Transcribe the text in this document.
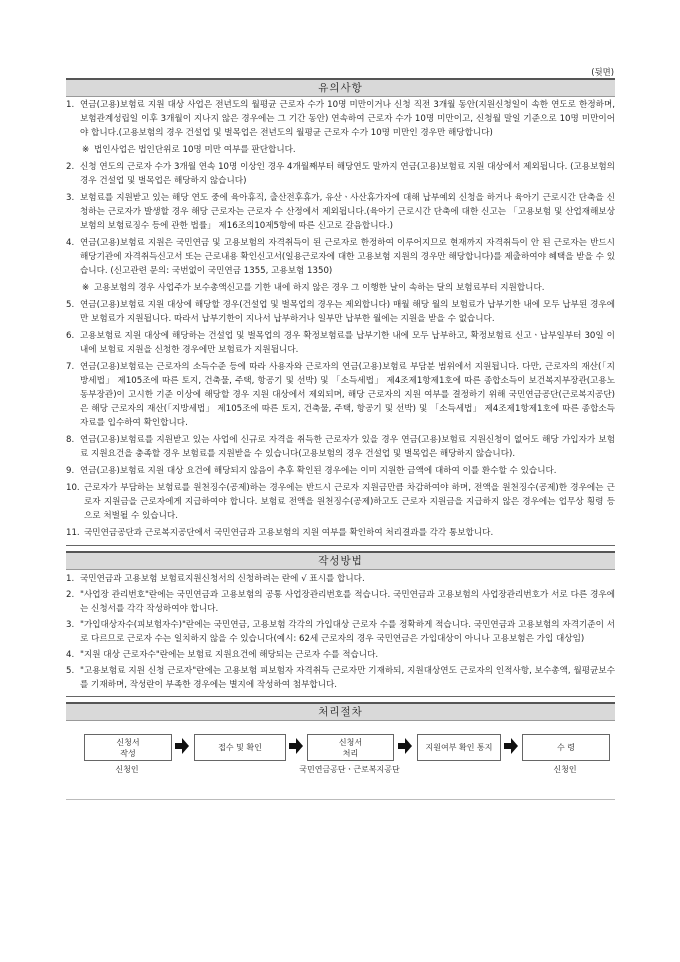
(뒷면)
유의사항
1. 연금(고용)보험료 지원 대상 사업은 전년도의 월평균 근로자 수가 10명 미만이거나 신청 직전 3개월 동안(지원신청일이 속한 연도로 한정하며, 보험관계성립일 이후 3개월이 지나지 않은 경우에는 그 기간 동안) 연속하여 근로자 수가 10명 미만이고, 신청월 말일 기준으로 10명 미만이어야 합니다.(고용보험의 경우 건설업 및 벌목업은 전년도의 월평균 근로자 수가 10명 미만인 경우만 해당합니다)
※ 법인사업은 법인단위로 10명 미만 여부를 판단합니다.
2. 신청 연도의 근로자 수가 3개월 연속 10명 이상인 경우 4개월째부터 해당연도 말까지 연금(고용)보험료 지원 대상에서 제외됩니다. (고용보험의 경우 건설업 및 벌목업은 해당하지 않습니다)
3. 보험료를 지원받고 있는 해당 연도 중에 육아휴직, 출산전후휴가, 유산ㆍ사산휴가자에 대해 납부예외 신청을 하거나 육아기 근로시간 단축을 신청하는 근로자가 발생할 경우 해당 근로자는 근로자 수 산정에서 제외됩니다.(육아기 근로시간 단축에 대한 신고는 「고용보험 및 산업재해보상보험의 보험료징수 등에 관한 법률」 제16조의10제5항에 따른 신고로 갈음합니다.)
4. 연금(고용)보험료 지원은 국민연금 및 고용보험의 자격취득이 된 근로자로 한정하여 이루어지므로 현재까지 자격취득이 안 된 근로자는 반드시 해당기관에 자격취득신고서 또는 근로내용 확인신고서(일용근로자에 대한 고용보험 지원의 경우만 해당합니다)를 제출하여야 혜택을 받을 수 있습니다. (신고관련 문의: 국번없이 국민연금 1355, 고용보험 1350)
※ 고용보험의 경우 사업주가 보수총액신고를 기한 내에 하지 않은 경우 그 이행한 날이 속하는 달의 보험료부터 지원합니다.
5. 연금(고용)보험료 지원 대상에 해당할 경우(건설업 및 벌목업의 경우는 제외합니다) 매월 해당 월의 보험료가 납부기한 내에 모두 납부된 경우에만 보험료가 지원됩니다. 따라서 납부기한이 지나서 납부하거나 일부만 납부한 월에는 지원을 받을 수 없습니다.
6. 고용보험료 지원 대상에 해당하는 건설업 및 벌목업의 경우 확정보험료를 납부기한 내에 모두 납부하고, 확정보험료 신고ㆍ납부일부터 30일 이내에 보험료 지원을 신청한 경우에만 보험료가 지원됩니다.
7. 연금(고용)보험료는 근로자의 소득수준 등에 따라 사용자와 근로자의 연금(고용)보험료 부담분 범위에서 지원됩니다. 다만, 근로자의 재산(「지방세법」 제105조에 따른 토지, 건축물, 주택, 항공기 및 선박) 및 「소득세법」 제4조제1항제1호에 따른 종합소득이 보건복지부장관(고용노동부장관)이 고시한 기준 이상에 해당할 경우 지원 대상에서 제외되며, 해당 근로자의 지원 여부를 결정하기 위해 국민연금공단(근로복지공단)은 해당 근로자의 재산(「지방세법」 제105조에 따른 토지, 건축물, 주택, 항공기 및 선박) 및 「소득세법」 제4조제1항제1호에 따른 종합소득 자료를 입수하여 확인합니다.
8. 연금(고용)보험료를 지원받고 있는 사업에 신규로 자격을 취득한 근로자가 있을 경우 연금(고용)보험료 지원신청이 없어도 해당 가입자가 보험료 지원요건을 충족할 경우 보험료를 지원받을 수 있습니다(고용보험의 경우 건설업 및 벌목업은 해당하지 않습니다).
9. 연금(고용)보험료 지원 대상 요건에 해당되지 않음이 추후 확인된 경우에는 이미 지원한 금액에 대하여 이를 환수할 수 있습니다.
10. 근로자가 부담하는 보험료를 원천징수(공제)하는 경우에는 반드시 근로자 지원금만큼 차감하여야 하며, 전액을 원천징수(공제)한 경우에는 근로자 지원금을 근로자에게 지급하여야 합니다. 보험료 전액을 원천징수(공제)하고도 근로자 지원금을 지급하지 않은 경우에는 업무상 횡령 등으로 처벌될 수 있습니다.
11. 국민연금공단과 근로복지공단에서 국민연금과 고용보험의 지원 여부를 확인하여 처리결과를 각각 통보합니다.
작성방법
1. 국민연금과 고용보험 보험료지원신청서의 신청하려는 란에 √ 표시를 합니다.
2. "사업장 관리번호"란에는 국민연금과 고용보험의 공통 사업장관리번호를 적습니다. 국민연금과 고용보험의 사업장관리번호가 서로 다른 경우에는 신청서를 각각 작성하여야 합니다.
3. "가입대상자수(피보험자수)"란에는 국민연금, 고용보험 각각의 가입대상 근로자 수를 정확하게 적습니다. 국민연금과 고용보험의 자격기준이 서로 다르므로 근로자 수는 일치하지 않을 수 있습니다(예시: 62세 근로자의 경우 국민연금은 가입대상이 아니나 고용보험은 가입 대상임)
4. "지원 대상 근로자수"란에는 보험료 지원요건에 해당되는 근로자 수를 적습니다.
5. "고용보험료 지원 신청 근로자"란에는 고용보험 피보험자 자격취득 근로자만 기재하되, 지원대상연도 근로자의 인적사항, 보수총액, 월평균보수를 기재하며, 작성란이 부족한 경우에는 별지에 작성하여 첨부합니다.
처리절차
신청서
작성
접수 및 확인
신청서
처리
지원여부 확인 통지	수 령
신청인	국민연금공단ㆍ근로복지공단	신청인
